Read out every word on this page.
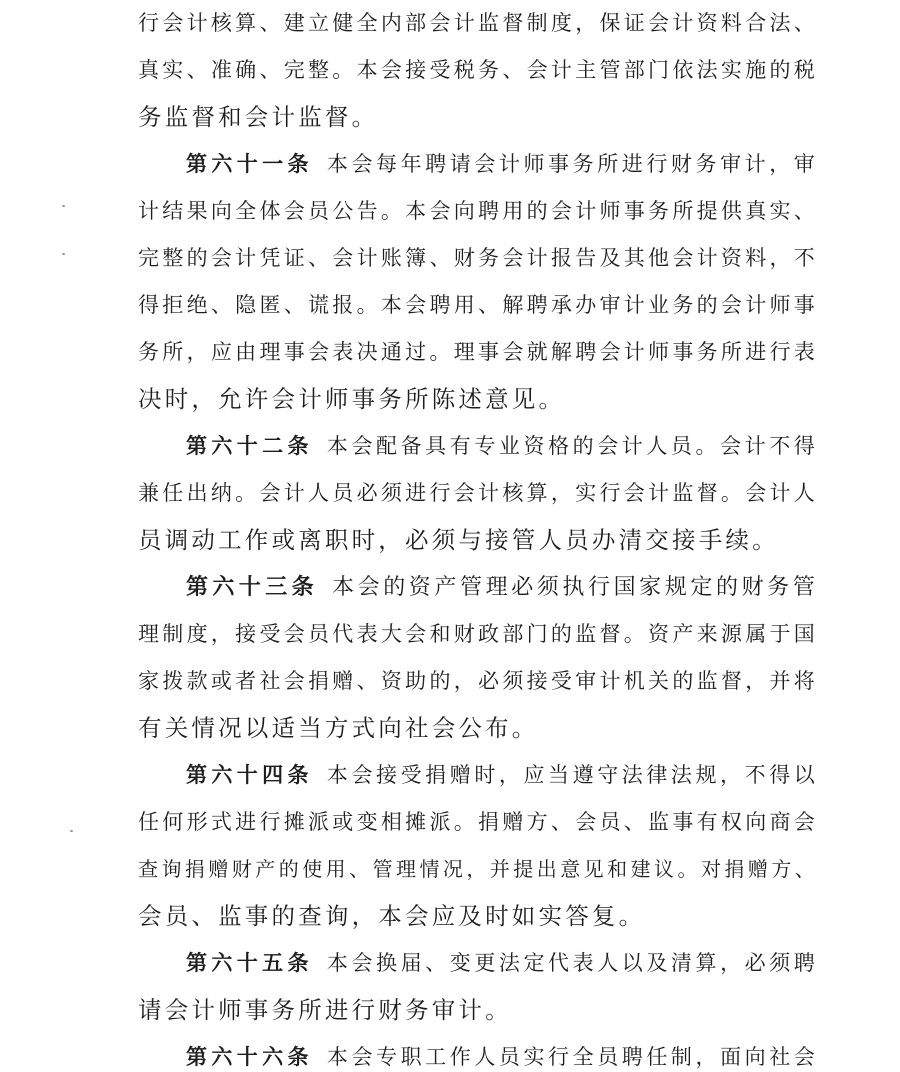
行会计核算、建立健全内部会计监督制度，保证会计资料合法、
真实、准确、完整。本会接受税务、会计主管部门依法实施的税
务监督和会计监督。
第六十一条 本会每年聘请会计师事务所进行财务审计，审
计结果向全体会员公告。本会向聘用的会计师事务所提供真实、
完整的会计凭证、会计账簿、财务会计报告及其他会计资料，不
得拒绝、隐匿、谎报。本会聘用、解聘承办审计业务的会计师事
务所，应由理事会表决通过。理事会就解聘会计师事务所进行表
决时，允许会计师事务所陈述意见。
第六十二条 本会配备具有专业资格的会计人员。会计不得
兼任出纳。会计人员必须进行会计核算，实行会计监督。会计人
员调动工作或离职时，必须与接管人员办清交接手续。
第六十三条 本会的资产管理必须执行国家规定的财务管
理制度，接受会员代表大会和财政部门的监督。资产来源属于国
家拨款或者社会捐赠、资助的，必须接受审计机关的监督，并将
有关情况以适当方式向社会公布。
第六十四条 本会接受捐赠时，应当遵守法律法规，不得以
任何形式进行摊派或变相摊派。捐赠方、会员、监事有权向商会
查询捐赠财产的使用、管理情况，并提出意见和建议。对捐赠方、
会员、监事的查询，本会应及时如实答复。
第六十五条 本会换届、变更法定代表人以及清算，必须聘
请会计师事务所进行财务审计。
第六十六条 本会专职工作人员实行全员聘任制，面向社会
